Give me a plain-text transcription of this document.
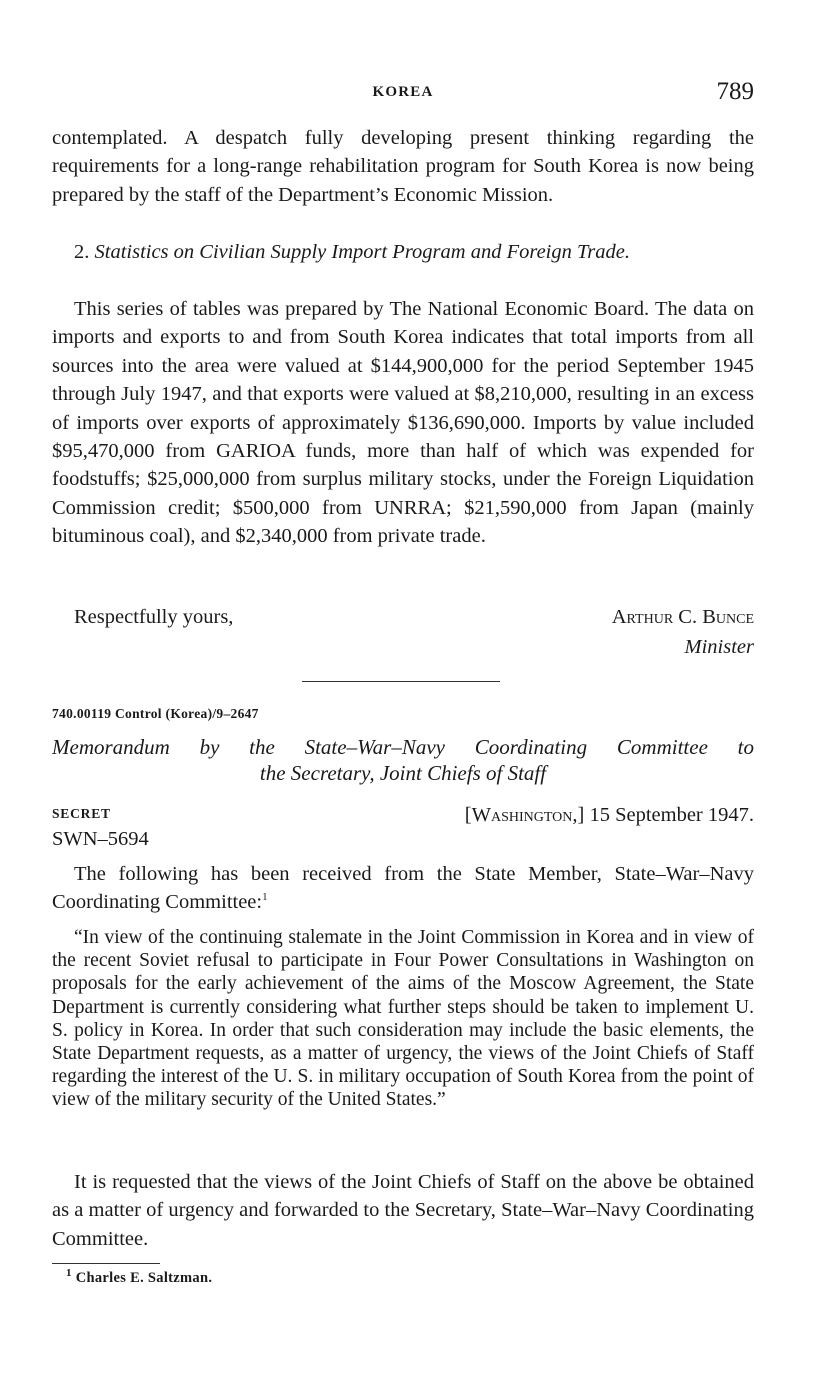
KOREA	789

contemplated. A despatch fully developing present thinking regarding the requirements for a long-range rehabilitation program for South Korea is now being prepared by the staff of the Department’s Economic Mission.

2. Statistics on Civilian Supply Import Program and Foreign Trade.

This series of tables was prepared by The National Economic Board. The data on imports and exports to and from South Korea indicates that total imports from all sources into the area were valued at $144,900,000 for the period September 1945 through July 1947, and that exports were valued at $8,210,000, resulting in an excess of imports over exports of approximately $136,690,000. Imports by value included $95,470,000 from GARIOA funds, more than half of which was expended for foodstuffs; $25,000,000 from surplus military stocks, under the Foreign Liquidation Commission credit; $500,000 from UNRRA; $21,590,000 from Japan (mainly bituminous coal), and $2,340,000 from private trade.

Respectfully yours,	Arthur C. Bunce
Minister
740.00119 Control (Korea)/9–2647
Memorandum by the State–War–Navy Coordinating Committee to
the Secretary, Joint Chiefs of Staff
SECRET	[Washington,] 15 September 1947.
SWN–5694

The following has been received from the State Member, State–War–Navy Coordinating Committee:$^1$

“In view of the continuing stalemate in the Joint Commission in Korea and in view of the recent Soviet refusal to participate in Four Power Consultations in Washington on proposals for the early achievement of the aims of the Moscow Agreement, the State Department is currently considering what further steps should be taken to implement U. S. policy in Korea. In order that such consideration may include the basic elements, the State Department requests, as a matter of urgency, the views of the Joint Chiefs of Staff regarding the interest of the U. S. in military occupation of South Korea from the point of view of the military security of the United States.”

It is requested that the views of the Joint Chiefs of Staff on the above be obtained as a matter of urgency and forwarded to the Secretary, State–War–Navy Coordinating Committee.

$^1$ Charles E. Saltzman.
